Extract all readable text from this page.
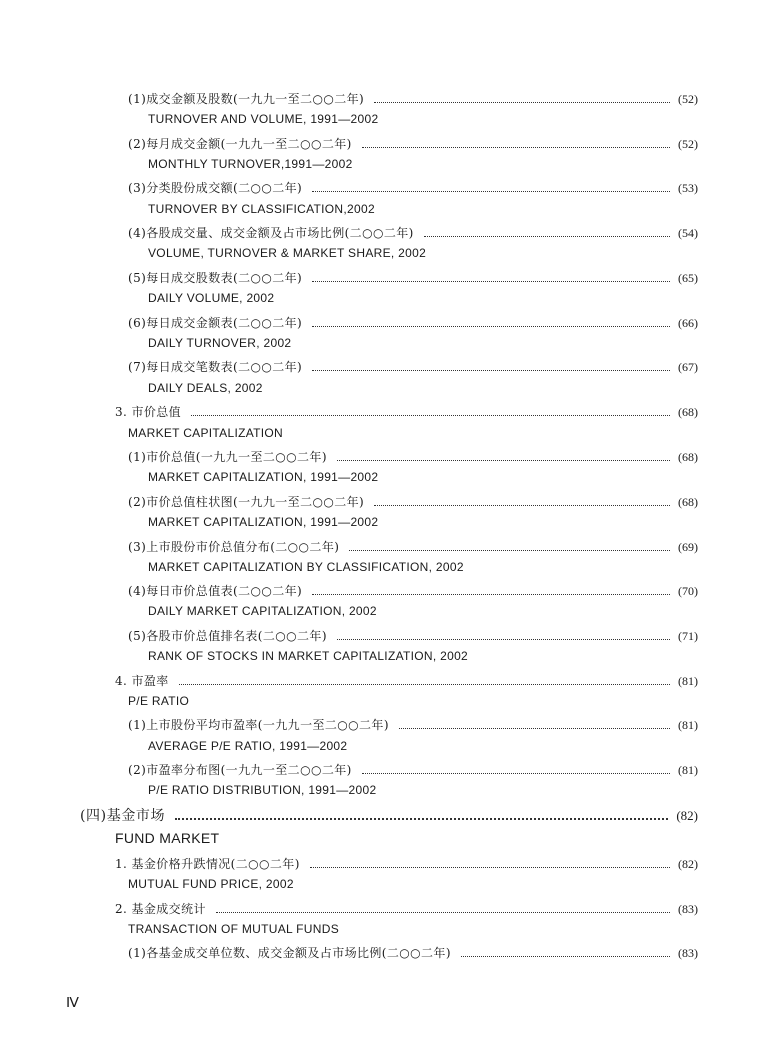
(1)成交金额及股数(一九九一至二○○二年)	(52)
TURNOVER AND VOLUME, 1991—2002
(2)每月成交金额(一九九一至二○○二年)	(52)
MONTHLY TURNOVER,1991—2002
(3)分类股份成交额(二○○二年)	(53)
TURNOVER BY CLASSIFICATION,2002
(4)各股成交量、成交金额及占市场比例(二○○二年)	(54)
VOLUME, TURNOVER & MARKET SHARE, 2002
(5)每日成交股数表(二○○二年)	(65)
DAILY VOLUME, 2002
(6)每日成交金额表(二○○二年)	(66)
DAILY TURNOVER, 2002
(7)每日成交笔数表(二○○二年)	(67)
DAILY DEALS, 2002
3. 市价总值	(68)
MARKET CAPITALIZATION
(1)市价总值(一九九一至二○○二年)	(68)
MARKET CAPITALIZATION, 1991—2002
(2)市价总值柱状图(一九九一至二○○二年)	(68)
MARKET CAPITALIZATION, 1991—2002
(3)上市股份市价总值分布(二○○二年)	(69)
MARKET CAPITALIZATION BY CLASSIFICATION, 2002
(4)每日市价总值表(二○○二年)	(70)
DAILY MARKET CAPITALIZATION, 2002
(5)各股市价总值排名表(二○○二年)	(71)
RANK OF STOCKS IN MARKET CAPITALIZATION, 2002
4. 市盈率	(81)
P/E RATIO
(1)上市股份平均市盈率(一九九一至二○○二年)	(81)
AVERAGE P/E RATIO, 1991—2002
(2)市盈率分布图(一九九一至二○○二年)	(81)
P/E RATIO DISTRIBUTION, 1991—2002
(四)基金市场	(82)
FUND MARKET
1. 基金价格升跌情况(二○○二年)	(82)
MUTUAL FUND PRICE, 2002
2. 基金成交统计	(83)
TRANSACTION OF MUTUAL FUNDS
(1)各基金成交单位数、成交金额及占市场比例(二○○二年)	(83)
Ⅳ
